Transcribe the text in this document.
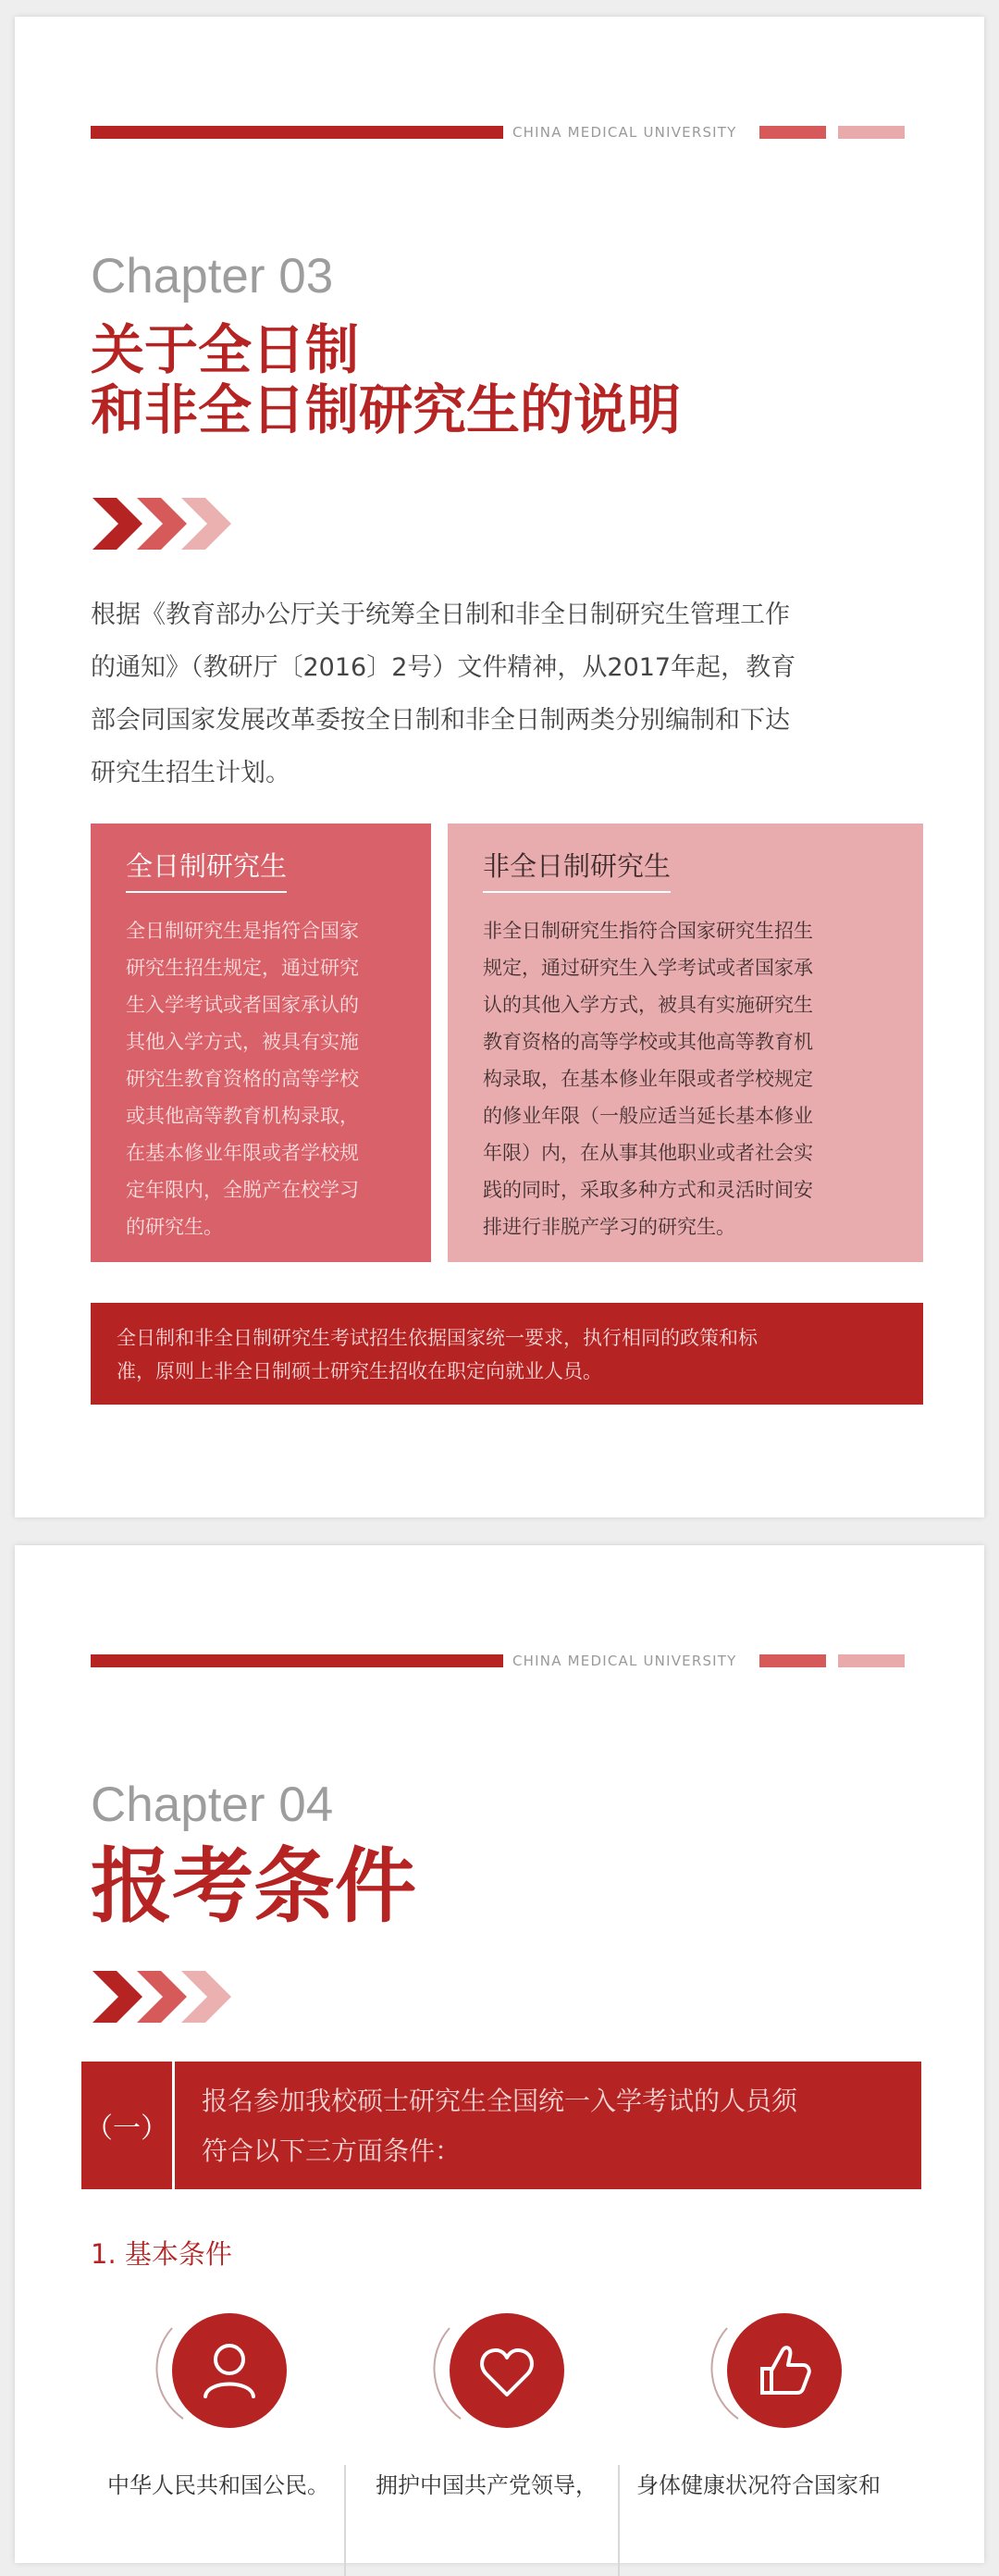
CHINA MEDICAL UNIVERSITY
Chapter 03
关于全日制
和非全日制研究生的说明
根据《教育部办公厅关于统筹全日制和非全日制研究生管理工作
的通知》（教研厅〔2016〕2号）文件精神，从2017年起，教育
部会同国家发展改革委按全日制和非全日制两类分别编制和下达
研究生招生计划。
全日制研究生
全日制研究生是指符合国家
研究生招生规定，通过研究
生入学考试或者国家承认的
其他入学方式，被具有实施
研究生教育资格的高等学校
或其他高等教育机构录取，
在基本修业年限或者学校规
定年限内，全脱产在校学习
的研究生。
非全日制研究生
非全日制研究生指符合国家研究生招生
规定，通过研究生入学考试或者国家承
认的其他入学方式，被具有实施研究生
教育资格的高等学校或其他高等教育机
构录取，在基本修业年限或者学校规定
的修业年限（一般应适当延长基本修业
年限）内，在从事其他职业或者社会实
践的同时，采取多种方式和灵活时间安
排进行非脱产学习的研究生。
全日制和非全日制研究生考试招生依据国家统一要求，执行相同的政策和标
准，原则上非全日制硕士研究生招收在职定向就业人员。
CHINA MEDICAL UNIVERSITY
Chapter 04
报考条件
（一）
报名参加我校硕士研究生全国统一入学考试的人员须
符合以下三方面条件：
1. 基本条件
中华人民共和国公民。	拥护中国共产党领导，	身体健康状况符合国家和
